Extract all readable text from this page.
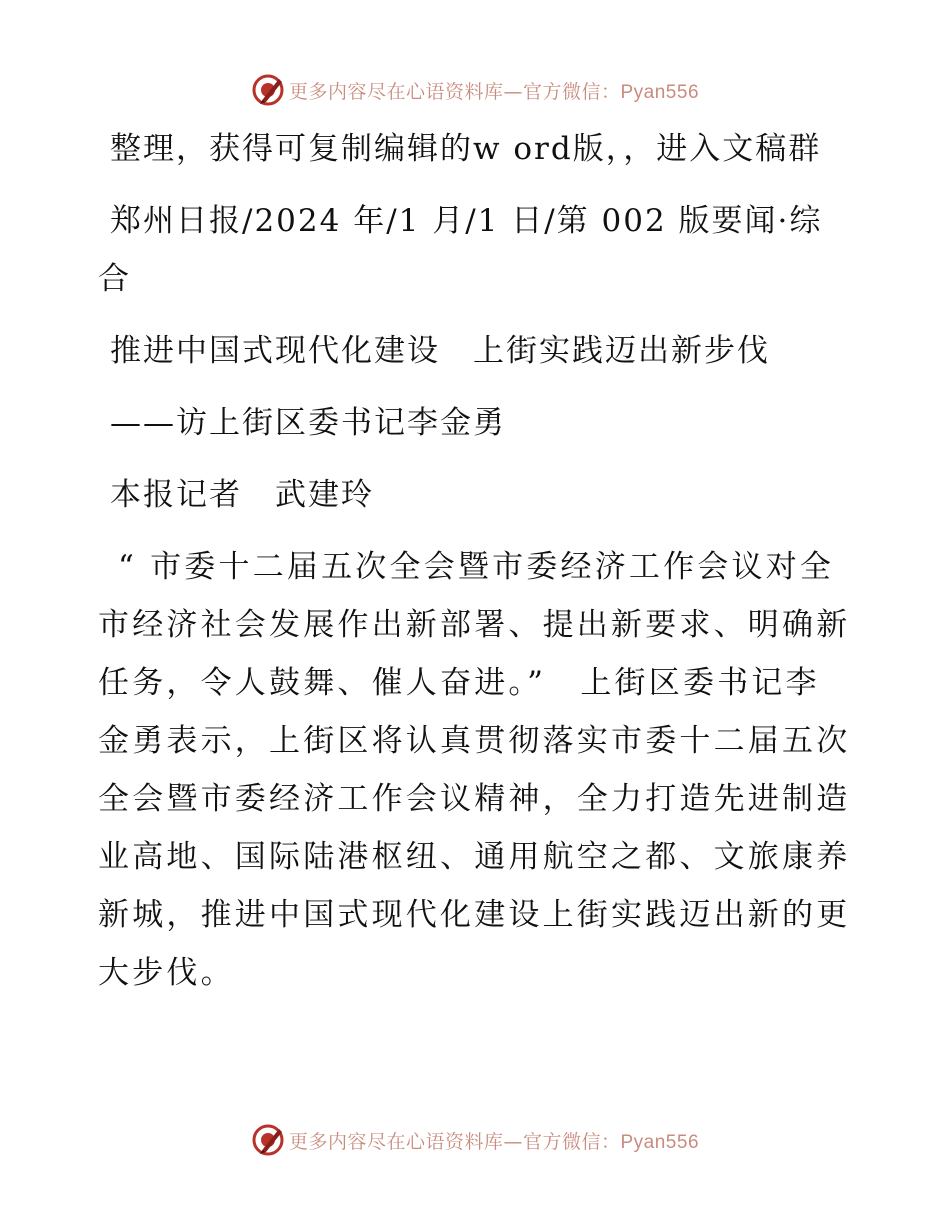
更多内容尽在心语资料库—官方微信：Pyan556

整理，获得可复制编辑的w ord版，，进入文稿群

郑州日报/2024 年/1 月/1 日/第 002 版要闻·综合

推进中国式现代化建设　上街实践迈出新步伐

——访上街区委书记李金勇

本报记者　武建玲

“ 市委十二届五次全会暨市委经济工作会议对全市经济社会发展作出新部署、提出新要求、明确新任务，令人鼓舞、催人奋进。”　上街区委书记李金勇表示，上街区将认真贯彻落实市委十二届五次全会暨市委经济工作会议精神，全力打造先进制造业高地、国际陆港枢纽、通用航空之都、文旅康养新城，推进中国式现代化建设上街实践迈出新的更大步伐。

更多内容尽在心语资料库—官方微信：Pyan556
